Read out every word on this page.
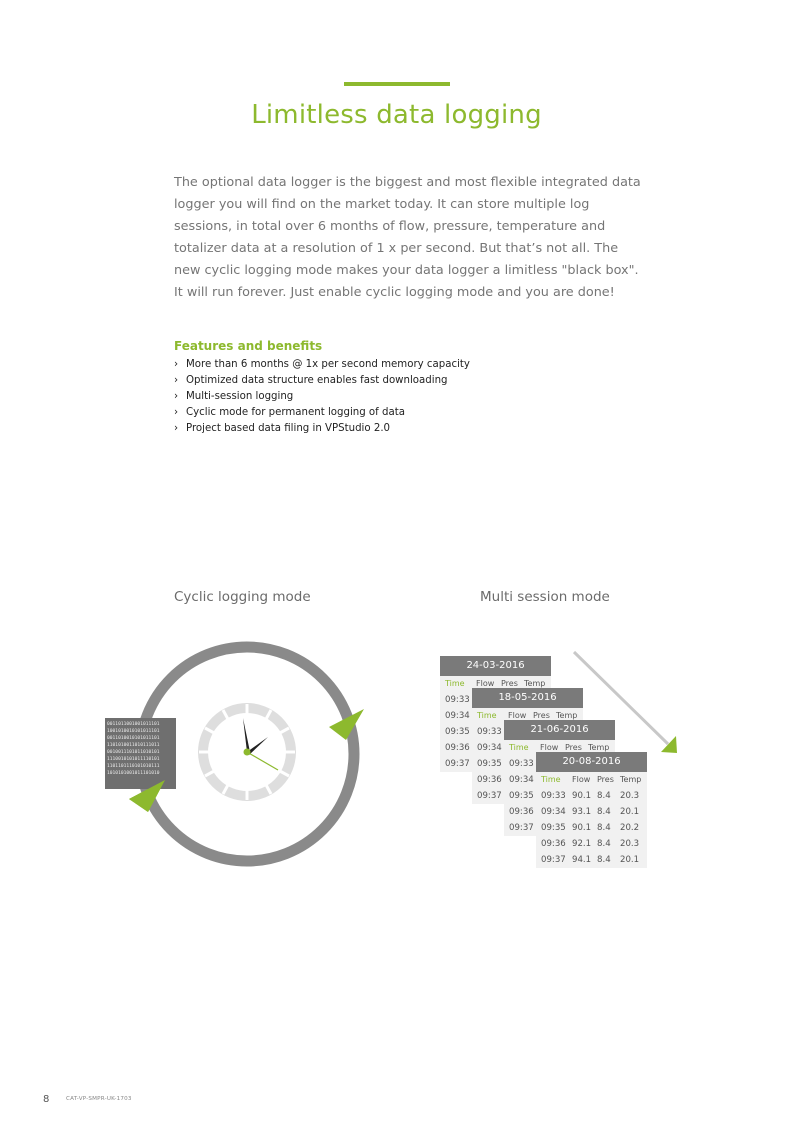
Limitless data logging

The optional data logger is the biggest and most flexible integrated data logger you will find on the market today. It can store multiple log sessions, in total over 6 months of flow, pressure, temperature and totalizer data at a resolution of 1 x per second. But that’s not all. The new cyclic logging mode makes your data logger a limitless "black box". It will run forever. Just enable cyclic logging mode and you are done!

Features and benefits
› More than 6 months @ 1x per second memory capacity
› Optimized data structure enables fast downloading
› Multi-session logging
› Cyclic mode for permanent logging of data
› Project based data filing in VPStudio 2.0
Cyclic logging mode	Multi session mode
0011011001001011101
1001010010101011101
0011010010101011101
1101010011010111011
0010011101011010101
1110010101011110101
1101101110101010111
1010101001011101010
24-03-2016
Time Flow Pres Temp
09:33
09:34
09:35
09:36
09:37
18-05-2016
Time Flow Pres Temp
09:33
09:34
09:35
09:36
09:37
21-06-2016
Time Flow Pres Temp
09:33
09:34
09:35
09:36
09:37
20-08-2016
Time Flow Pres Temp
09:33 90.1 8.4 20.3
09:34 93.1 8.4 20.1
09:35 90.1 8.4 20.2
09:36 92.1 8.4 20.3
09:37 94.1 8.4 20.1
8	CAT-VP-SMPR-UK-1703
